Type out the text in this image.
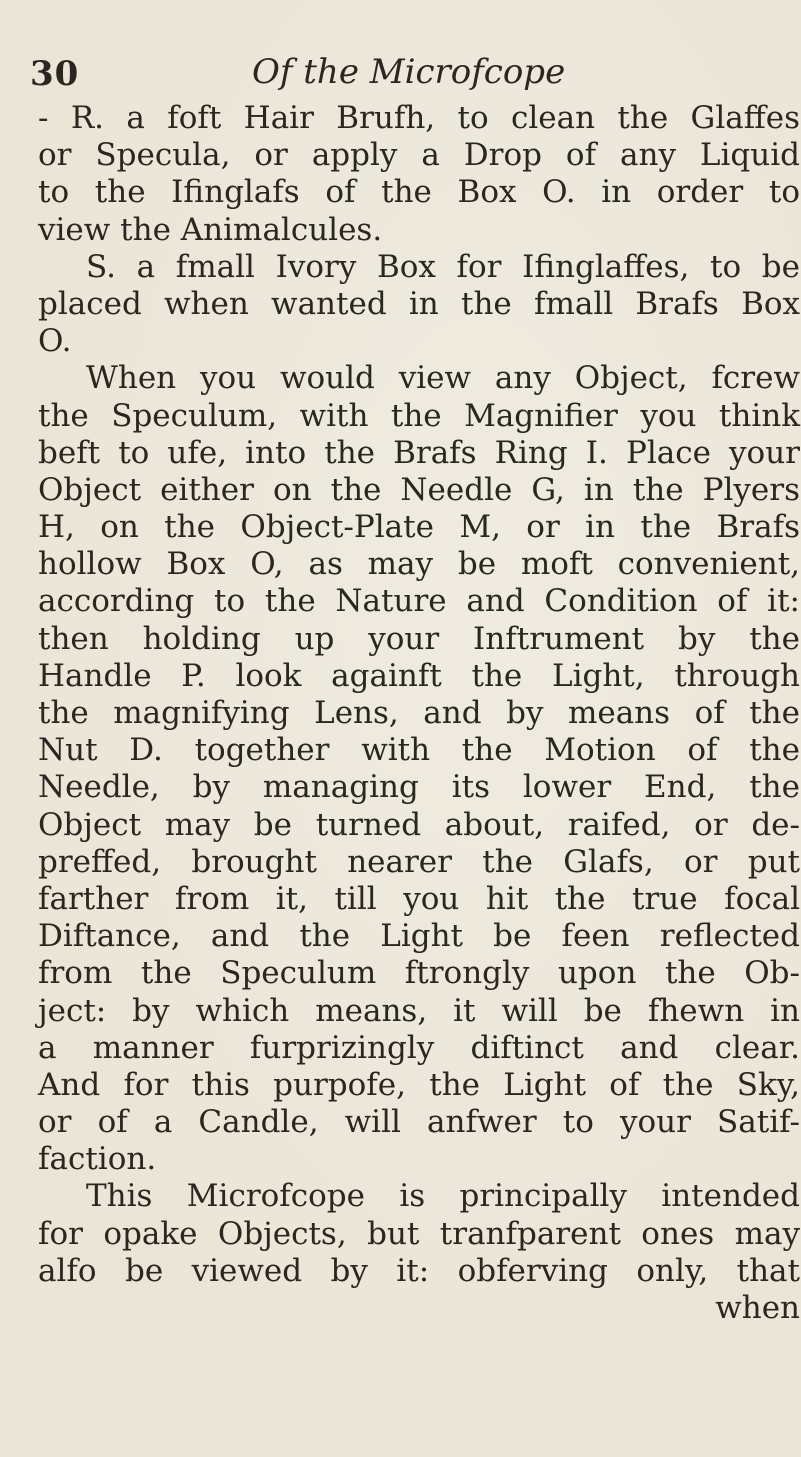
30	Of the Microfcope
- R. a foft Hair Brufh, to clean the Glaffes
or Specula, or apply a Drop of any Liquid
to the Ifinglafs of the Box O. in order to
view the Animalcules.
S. a fmall Ivory Box for Ifinglaffes, to be
placed when wanted in the fmall Brafs Box
O.
When you would view any Object, fcrew
the Speculum, with the Magnifier you think
beft to ufe, into the Brafs Ring I. Place your
Object either on the Needle G, in the Plyers
H, on the Object-Plate M, or in the Brafs
hollow Box O, as may be moft convenient,
according to the Nature and Condition of it:
then holding up your Inftrument by the
Handle P. look againft the Light, through
the magnifying Lens, and by means of the
Nut D. together with the Motion of the
Needle, by managing its lower End, the
Object may be turned about, raifed, or de-
preffed, brought nearer the Glafs, or put
farther from it, till you hit the true focal
Diftance, and the Light be feen reflected
from the Speculum ftrongly upon the Ob-
ject: by which means, it will be fhewn in
a manner furprizingly diftinct and clear.
And for this purpofe, the Light of the Sky,
or of a Candle, will anfwer to your Satif-
faction.
This Microfcope is principally intended
for opake Objects, but tranfparent ones may
alfo be viewed by it: obferving only, that
when
